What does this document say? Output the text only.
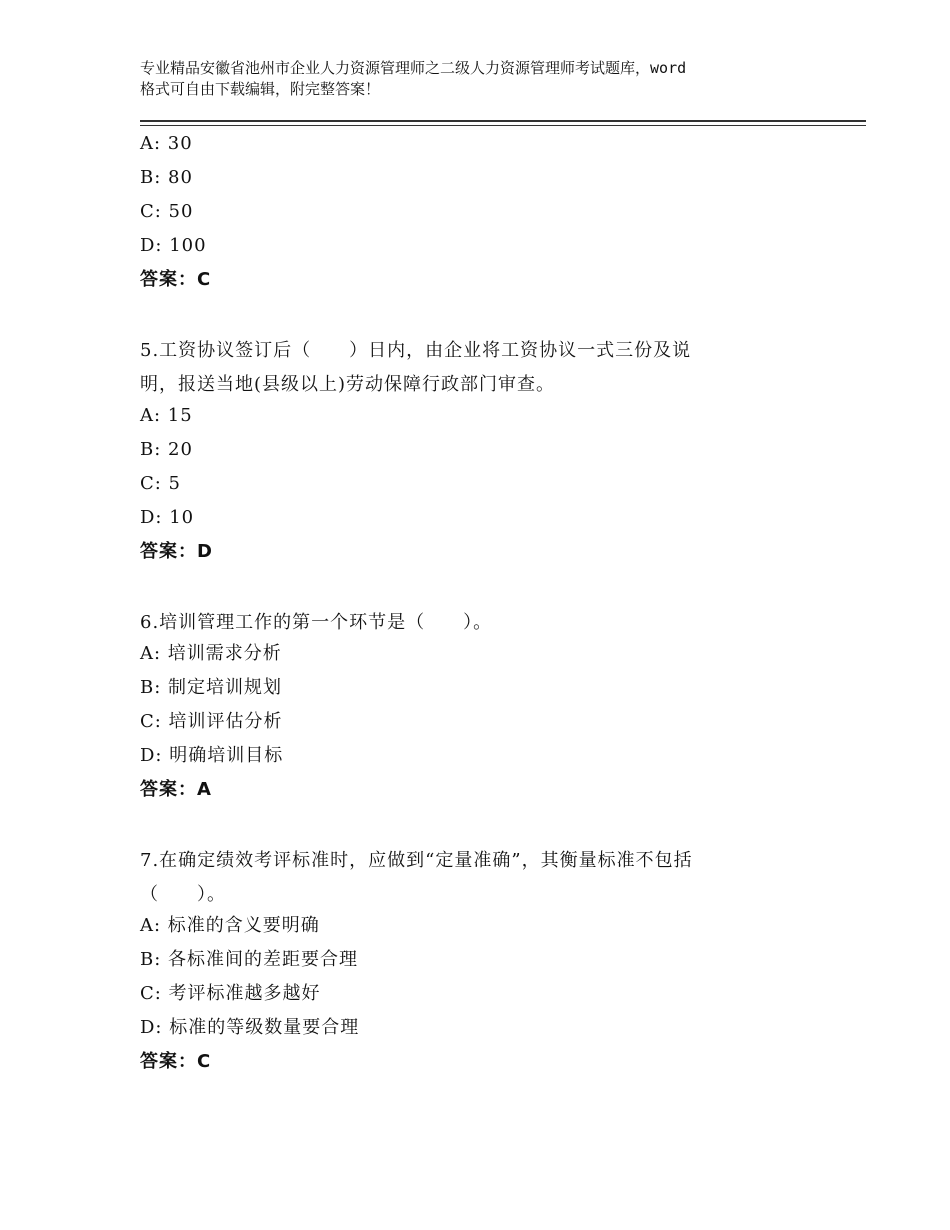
专业精品安徽省池州市企业人力资源管理师之二级人力资源管理师考试题库，word
格式可自由下载编辑，附完整答案！
A: 30
B: 80
C: 50
D: 100
答案：C
5.工资协议签订后（　　）日内，由企业将工资协议一式三份及说
明，报送当地(县级以上)劳动保障行政部门审查。
A: 15
B: 20
C: 5
D: 10
答案：D
6.培训管理工作的第一个环节是（　　）。
A: 培训需求分析
B: 制定培训规划
C: 培训评估分析
D: 明确培训目标
答案：A
7.在确定绩效考评标准时，应做到“定量准确”，其衡量标准不包括
（　　）。
A: 标准的含义要明确
B: 各标准间的差距要合理
C: 考评标准越多越好
D: 标准的等级数量要合理
答案：C
